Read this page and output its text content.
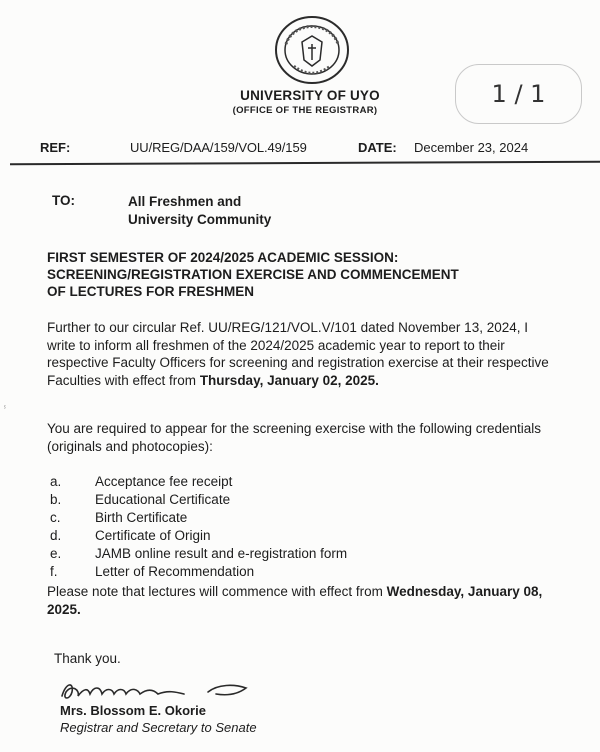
UNIVERSITY OF UYO
(OFFICE OF THE REGISTRAR)
1 / 1
REF:	UU/REG/DAA/159/VOL.49/159	DATE: December 23, 2024
TO:	All Freshmen and
University Community
FIRST SEMESTER OF 2024/2025 ACADEMIC SESSION:
SCREENING/REGISTRATION EXERCISE AND COMMENCEMENT
OF LECTURES FOR FRESHMEN
Further to our circular Ref. UU/REG/121/VOL.V/101 dated November 13, 2024, I write to inform all freshmen of the 2024/2025 academic year to report to their respective Faculty Officers for screening and registration exercise at their respective Faculties with effect from Thursday, January 02, 2025.
You are required to appear for the screening exercise with the following credentials (originals and photocopies):
a. Acceptance fee receipt
b. Educational Certificate
c.	Birth Certificate
d. Certificate of Origin
e. JAMB online result and e-registration form
f.	Letter of Recommendation
Please note that lectures will commence with effect from Wednesday, January 08, 2025.
Thank you.
Mrs. Blossom E. Okorie
Registrar and Secretary to Senate
ⸯ
